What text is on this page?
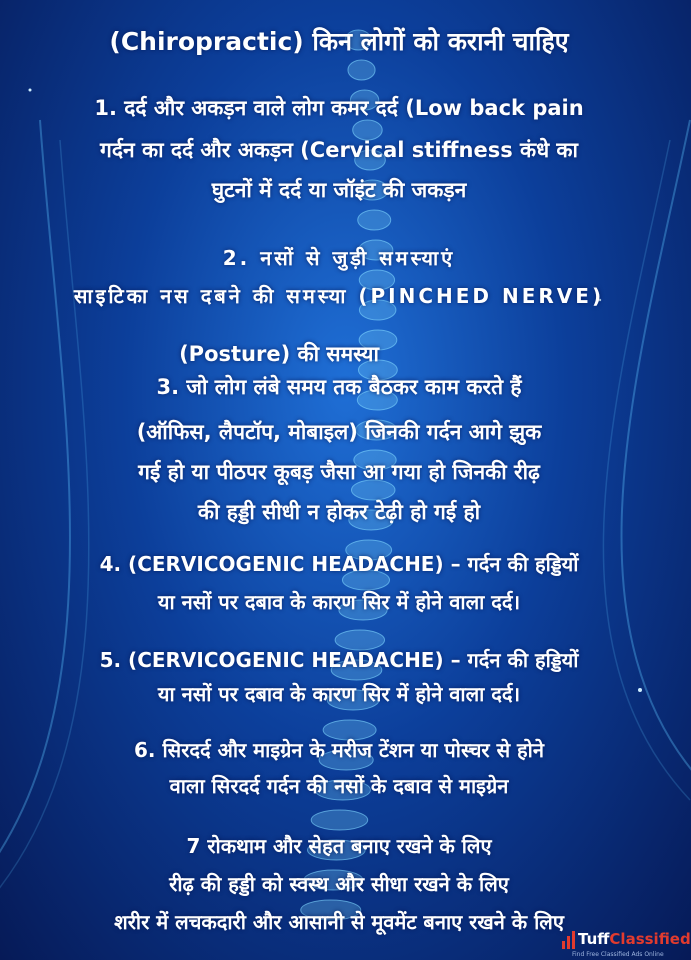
(Chiropractic) किन लोगों को करानी चाहिए
1. दर्द और अकड़न वाले लोग कमर दर्द (Low back pain
गर्दन का दर्द और अकड़न (Cervical stiffness कंधे का
घुटनों में दर्द या जॉइंट की जकड़न
2. नसों से जुड़ी समस्याएं
साइटिका नस दबने की समस्या (PINCHED NERVE)
(Posture) की समस्या
3. जो लोग लंबे समय तक बैठकर काम करते हैं
(ऑफिस, लैपटॉप, मोबाइल) जिनकी गर्दन आगे झुक
गई हो या पीठपर कूबड़ जैसा आ गया हो जिनकी रीढ़
की हड्डी सीधी न होकर टेढ़ी हो गई हो
4. (CERVICOGENIC HEADACHE) – गर्दन की हड्डियों
या नसों पर दबाव के कारण सिर में होने वाला दर्द।
5. (CERVICOGENIC HEADACHE) – गर्दन की हड्डियों
या नसों पर दबाव के कारण सिर में होने वाला दर्द।
6. सिरदर्द और माइग्रेन के मरीज टेंशन या पोस्चर से होने
वाला सिरदर्द गर्दन की नसों के दबाव से माइग्रेन
7 रोकथाम और सेहत बनाए रखने के लिए
रीढ़ की हड्डी को स्वस्थ और सीधा रखने के लिए
शरीर में लचकदारी और आसानी से मूवमेंट बनाए रखने के लिए
TuffClassified
Find Free Classified Ads Online
